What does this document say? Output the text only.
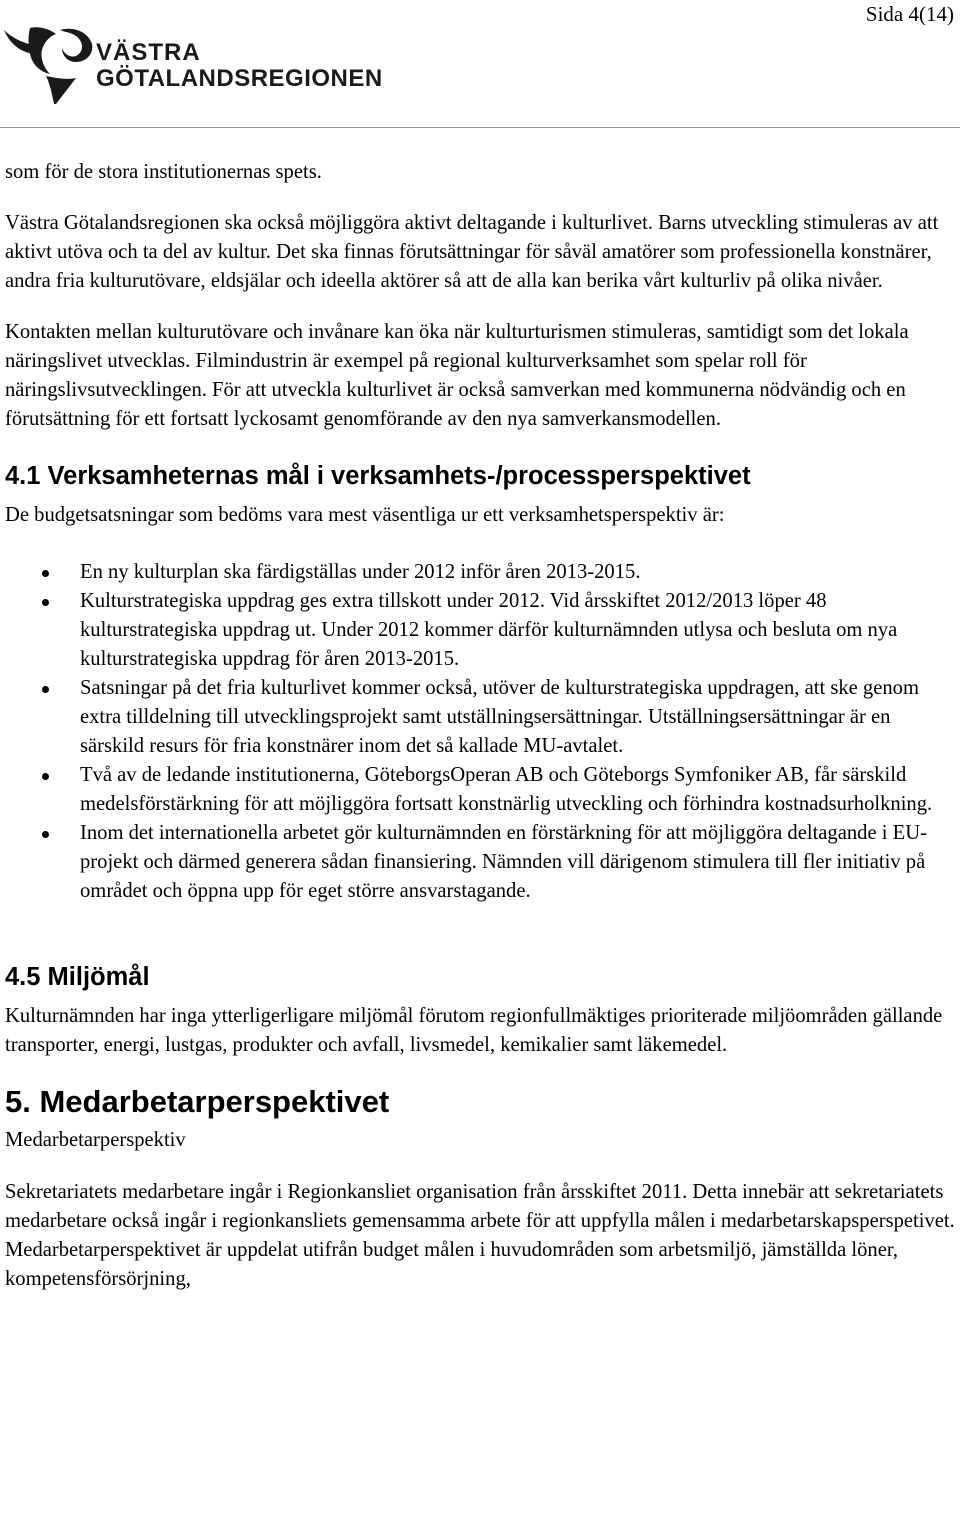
Sida 4(14)
VÄSTRA
GÖTALANDSREGIONEN

som för de stora institutionernas spets.

Västra Götalandsregionen ska också möjliggöra aktivt deltagande i kulturlivet. Barns utveckling stimuleras av att aktivt utöva och ta del av kultur. Det ska finnas förutsättningar för såväl amatörer som professionella konstnärer, andra fria kulturutövare, eldsjälar och ideella aktörer så att de alla kan berika vårt kulturliv på olika nivåer.

Kontakten mellan kulturutövare och invånare kan öka när kulturturismen stimuleras, samtidigt som det lokala näringslivet utvecklas. Filmindustrin är exempel på regional kulturverksamhet som spelar roll för näringslivsutvecklingen. För att utveckla kulturlivet är också samverkan med kommunerna nödvändig och en förutsättning för ett fortsatt lyckosamt genomförande av den nya samverkansmodellen.

4.1 Verksamheternas mål i verksamhets-/processperspektivet

De budgetsatsningar som bedöms vara mest väsentliga ur ett verksamhetsperspektiv är:

En ny kulturplan ska färdigställas under 2012 inför åren 2013-2015.
Kulturstrategiska uppdrag ges extra tillskott under 2012. Vid årsskiftet 2012/2013 löper 48 kulturstrategiska uppdrag ut. Under 2012 kommer därför kulturnämnden utlysa och besluta om nya kulturstrategiska uppdrag för åren 2013-2015.
Satsningar på det fria kulturlivet kommer också, utöver de kulturstrategiska uppdragen, att ske genom extra tilldelning till utvecklingsprojekt samt utställningsersättningar. Utställningsersättningar är en särskild resurs för fria konstnärer inom det så kallade MU-avtalet.
Två av de ledande institutionerna, GöteborgsOperan AB och Göteborgs Symfoniker AB, får särskild medelsförstärkning för att möjliggöra fortsatt konstnärlig utveckling och förhindra kostnadsurholkning.
Inom det internationella arbetet gör kulturnämnden en förstärkning för att möjliggöra deltagande i EU-projekt och därmed generera sådan finansiering. Nämnden vill därigenom stimulera till fler initiativ på området och öppna upp för eget större ansvarstagande.
4.5 Miljömål

Kulturnämnden har inga ytterligerligare miljömål förutom regionfullmäktiges prioriterade miljöområden gällande transporter, energi, lustgas, produkter och avfall, livsmedel, kemikalier samt läkemedel.

5. Medarbetarperspektivet

Medarbetarperspektiv

Sekretariatets medarbetare ingår i Regionkansliet organisation från årsskiftet 2011. Detta innebär att sekretariatets medarbetare också ingår i regionkansliets gemensamma arbete för att uppfylla målen i medarbetarskapsperspetivet. Medarbetarperspektivet är uppdelat utifrån budget målen i huvudområden som arbetsmiljö, jämställda löner, kompetensförsörjning,
